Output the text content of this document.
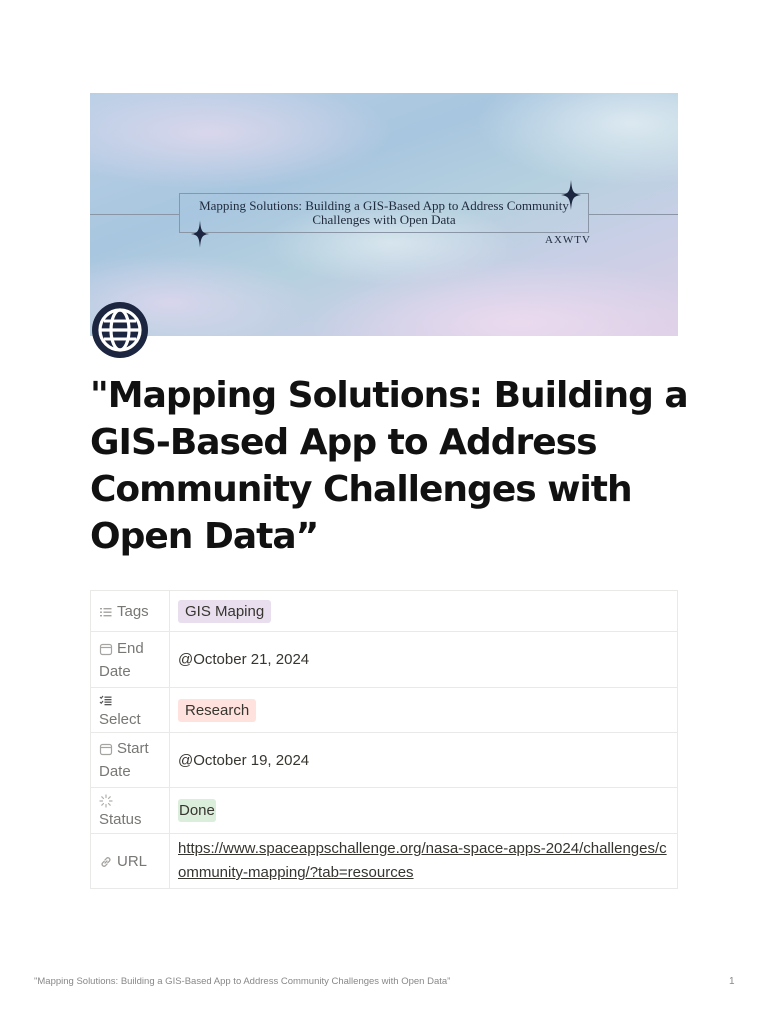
Mapping Solutions: Building a GIS-Based App to Address Community Challenges with Open Data
AXWTV
"Mapping Solutions: Building a GIS-Based App to Address Community Challenges with Open Data”
Tags	GIS Maping
End Date	@October 21, 2024

Select	Research
Start Date	@October 19, 2024

Status	Done
URL	https://www.spaceappschallenge.org/nasa-space-apps-2024/challenges/community-mapping/?tab=resources
"Mapping Solutions: Building a GIS-Based App to Address Community Challenges with Open Data”	1
